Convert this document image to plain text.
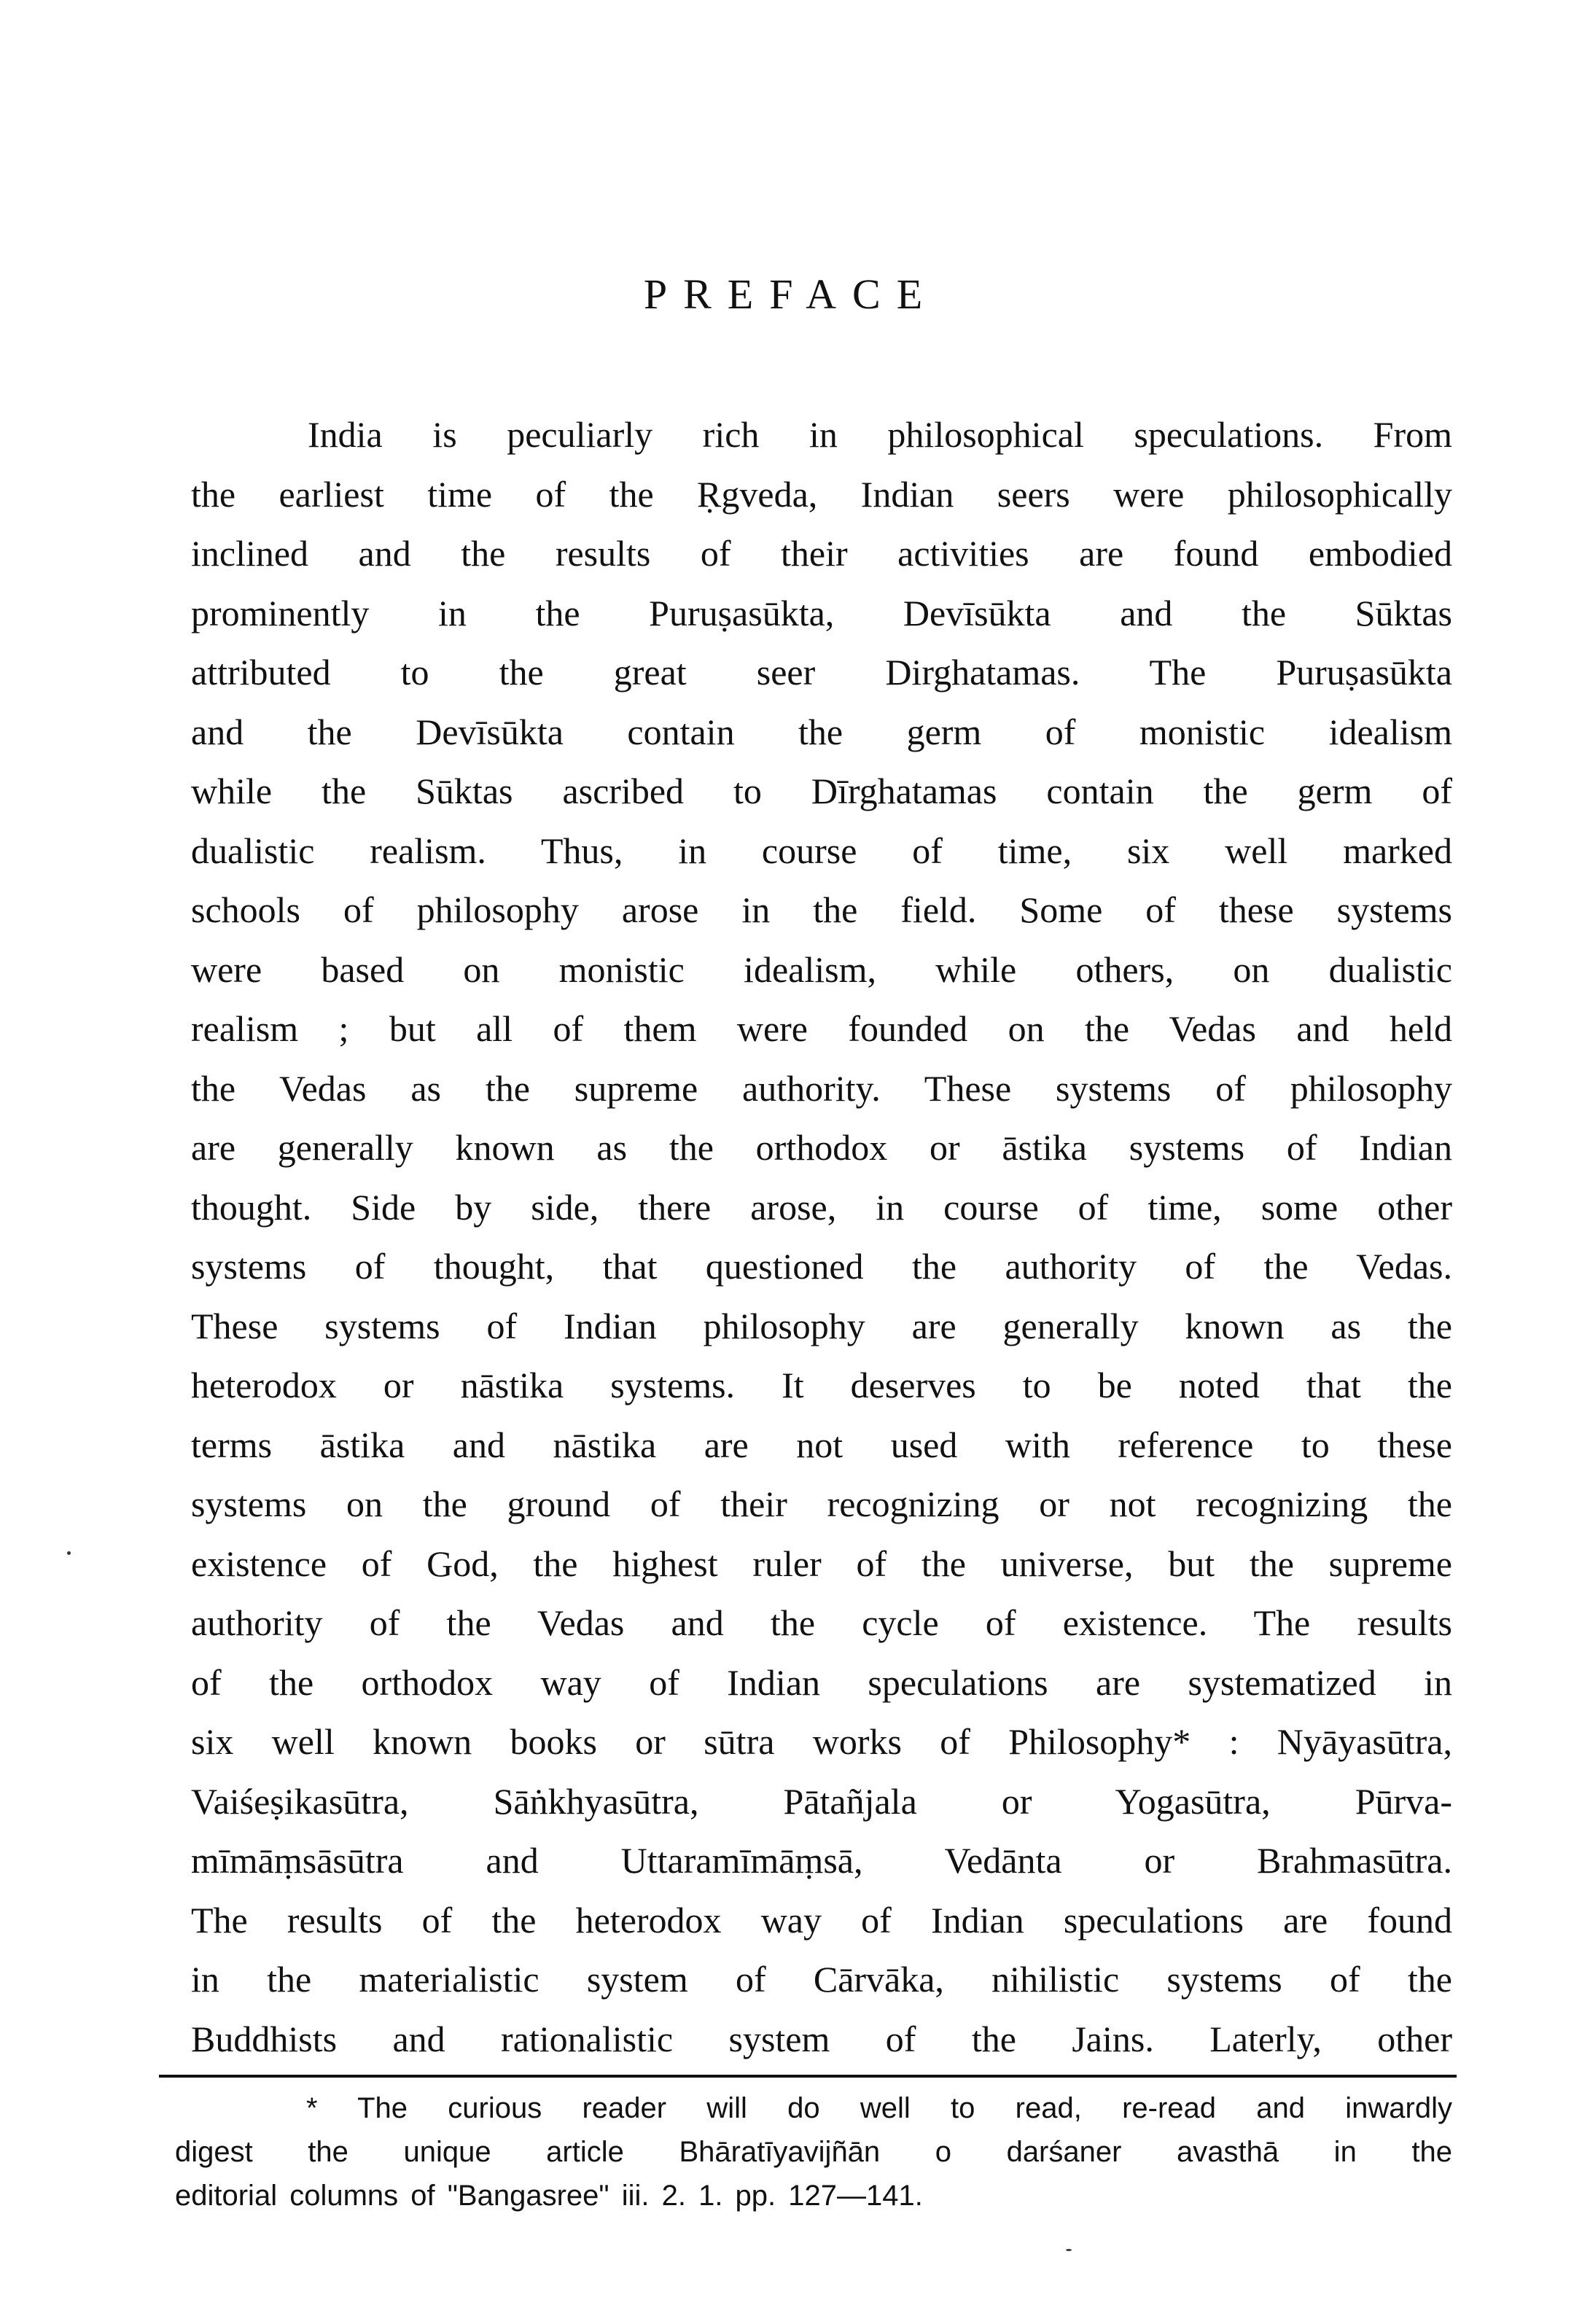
PREFACE
India is peculiarly rich in philosophical speculations. From
the earliest time of the Ṛgveda, Indian seers were philosophically
inclined and the results of their activities are found embodied
prominently in the Puruṣasūkta, Devīsūkta and the Sūktas
attributed to the great seer Dirghatamas. The Puruṣasūkta
and the Devīsūkta contain the germ of monistic idealism
while the Sūktas ascribed to Dīrghatamas contain the germ of
dualistic realism. Thus, in course of time, six well marked
schools of philosophy arose in the field. Some of these systems
were based on monistic idealism, while others, on dualistic
realism ; but all of them were founded on the Vedas and held
the Vedas as the supreme authority. These systems of philosophy
are generally known as the orthodox or āstika systems of Indian
thought. Side by side, there arose, in course of time, some other
systems of thought, that questioned the authority of the Vedas.
These systems of Indian philosophy are generally known as the
heterodox or nāstika systems. It deserves to be noted that the
terms āstika and nāstika are not used with reference to these
systems on the ground of their recognizing or not recognizing the
existence of God, the highest ruler of the universe, but the supreme
authority of the Vedas and the cycle of existence. The results
of the orthodox way of Indian speculations are systematized in
six well known books or sūtra works of Philosophy* : Nyāyasūtra,
Vaiśeṣikasūtra, Sāṅkhyasūtra, Pātañjala or Yogasūtra, Pūrva-
mīmāṃsāsūtra and Uttaramīmāṃsā, Vedānta or Brahmasūtra.
The results of the heterodox way of Indian speculations are found
in the materialistic system of Cārvāka, nihilistic systems of the
Buddhists and rationalistic system of the Jains. Laterly, other
* The curious reader will do well to read, re-read and inwardly
digest the unique article Bhāratīyavijñān o darśaner avasthā in the
editorial columns of "Bangasree" iii. 2. 1. pp. 127—141.
